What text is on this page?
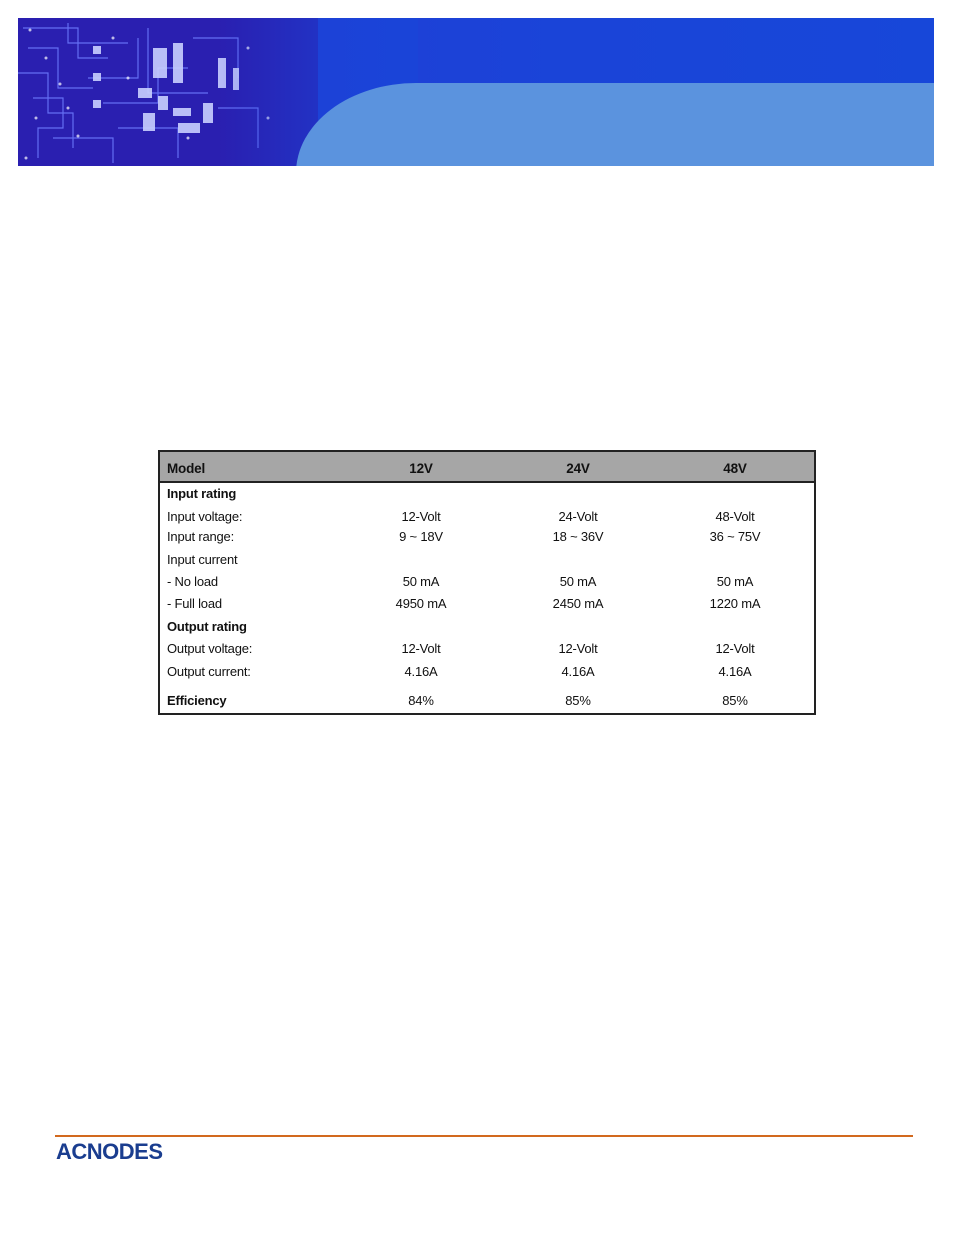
Model	12V	24V	48V
Input rating
Input voltage:	12-Volt	24-Volt	48-Volt
Input range:	9 ~ 18V	18 ~ 36V	36 ~ 75V
Input current
- No load	50 mA	50 mA	50 mA
- Full load	4950 mA	2450 mA	1220 mA
Output rating
Output voltage:	12-Volt	12-Volt	12-Volt
Output current:	4.16A	4.16A	4.16A
Efficiency	84%	85%	85%
ACNODES
